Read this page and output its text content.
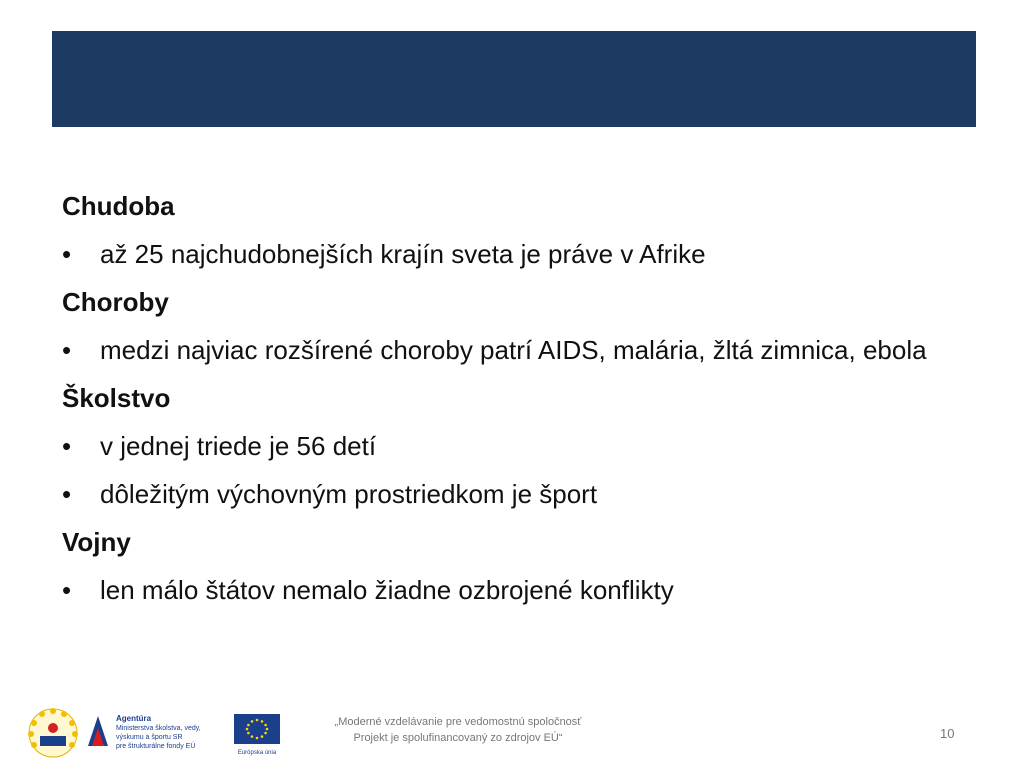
Chudoba
•	až 25 najchudobnejších krajín sveta je práve v Afrike
Choroby
•	medzi najviac rozšírené choroby patrí AIDS, malária, žltá zimnica, ebola
Školstvo
•	v jednej triede je 56 detí
•	dôležitým výchovným prostriedkom je šport
Vojny
•	len málo štátov nemalo žiadne ozbrojené konflikty
Agentúra
Ministerstva školstva, vedy, výskumu a športu SR
pre štrukturálne fondy EÚ
Európska únia
„Moderné vzdelávanie pre vedomostnú spoločnosť
Projekt je spolufinancovaný zo zdrojov EÚ“	10
